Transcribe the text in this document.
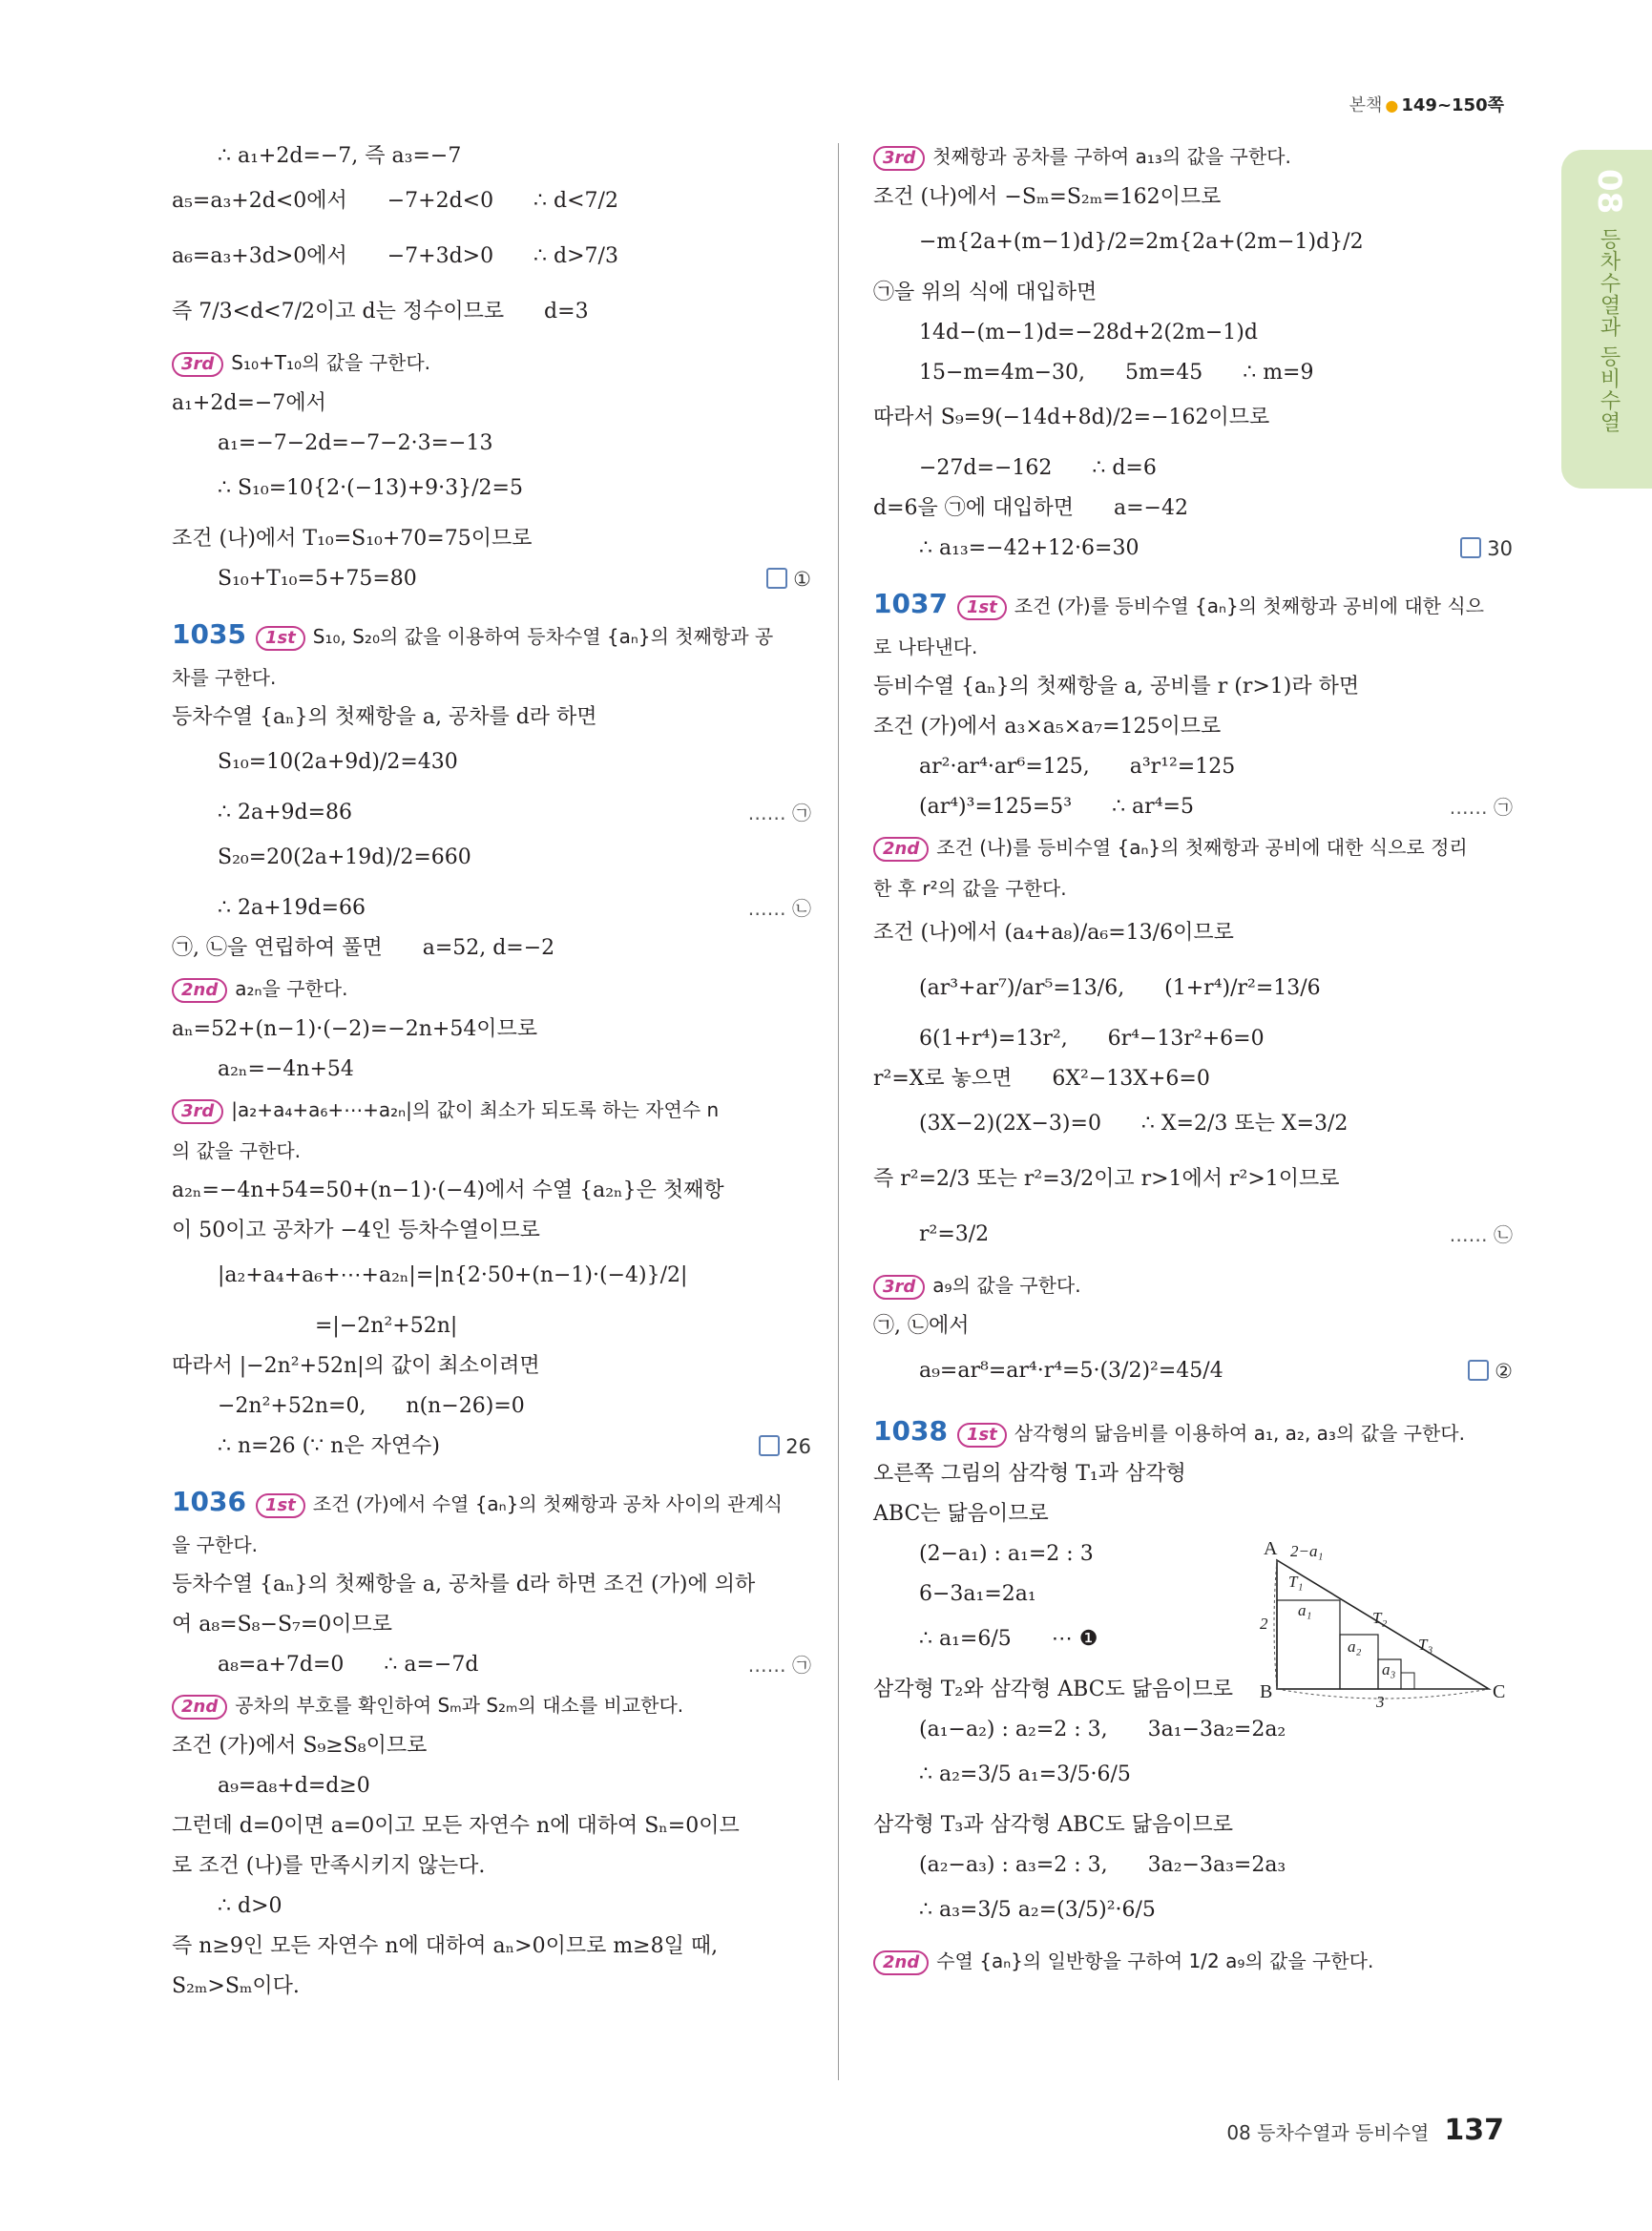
본책 ● 149~150쪽
08
등차수열과 등비수열
∴ a₁+2d=−7, 즉 a₃=−7
a₅=a₃+2d<0에서      −7+2d<0      ∴ d<7/2
a₆=a₃+3d>0에서      −7+3d>0      ∴ d>7/3
즉 7/3<d<7/2이고 d는 정수이므로      d=3
3rd S₁₀+T₁₀의 값을 구한다.
a₁+2d=−7에서
a₁=−7−2d=−7−2·3=−13
∴ S₁₀=10{2·(−13)+9·3}/2=5
조건 (나)에서 T₁₀=S₁₀+70=75이므로
①
S₁₀+T₁₀=5+75=80
1035 1st S₁₀, S₂₀의 값을 이용하여 등차수열 {aₙ}의 첫째항과 공
차를 구한다.
등차수열 {aₙ}의 첫째항을 a, 공차를 d라 하면
S₁₀=10(2a+9d)/2=430
…… ㉠
∴ 2a+9d=86
S₂₀=20(2a+19d)/2=660
…… ㉡
∴ 2a+19d=66
㉠, ㉡을 연립하여 풀면      a=52, d=−2
2nd a₂ₙ을 구한다.
aₙ=52+(n−1)·(−2)=−2n+54이므로
a₂ₙ=−4n+54
3rd |a₂+a₄+a₆+⋯+a₂ₙ|의 값이 최소가 되도록 하는 자연수 n
의 값을 구한다.
a₂ₙ=−4n+54=50+(n−1)·(−4)에서 수열 {a₂ₙ}은 첫째항
이 50이고 공차가 −4인 등차수열이므로
|a₂+a₄+a₆+⋯+a₂ₙ|=|n{2·50+(n−1)·(−4)}/2|
=|−2n²+52n|
따라서 |−2n²+52n|의 값이 최소이려면
−2n²+52n=0,      n(n−26)=0
26
∴ n=26 (∵ n은 자연수)
1036 1st 조건 (가)에서 수열 {aₙ}의 첫째항과 공차 사이의 관계식
을 구한다.
등차수열 {aₙ}의 첫째항을 a, 공차를 d라 하면 조건 (가)에 의하
여 a₈=S₈−S₇=0이므로
…… ㉠
a₈=a+7d=0      ∴ a=−7d
2nd 공차의 부호를 확인하여 Sₘ과 S₂ₘ의 대소를 비교한다.
조건 (가)에서 S₉≥S₈이므로
a₉=a₈+d=d≥0
그런데 d=0이면 a=0이고 모든 자연수 n에 대하여 Sₙ=0이므
로 조건 (나)를 만족시키지 않는다.
∴ d>0
즉 n≥9인 모든 자연수 n에 대하여 aₙ>0이므로 m≥8일 때,
S₂ₘ>Sₘ이다.
3rd 첫째항과 공차를 구하여 a₁₃의 값을 구한다.
조건 (나)에서 −Sₘ=S₂ₘ=162이므로
−m{2a+(m−1)d}/2=2m{2a+(2m−1)d}/2
㉠을 위의 식에 대입하면
14d−(m−1)d=−28d+2(2m−1)d
15−m=4m−30,      5m=45      ∴ m=9
따라서 S₉=9(−14d+8d)/2=−162이므로
−27d=−162      ∴ d=6
d=6을 ㉠에 대입하면      a=−42
30
∴ a₁₃=−42+12·6=30
1037 1st 조건 (가)를 등비수열 {aₙ}의 첫째항과 공비에 대한 식으
로 나타낸다.
등비수열 {aₙ}의 첫째항을 a, 공비를 r (r>1)라 하면
조건 (가)에서 a₃×a₅×a₇=125이므로
ar²·ar⁴·ar⁶=125,      a³r¹²=125
…… ㉠
(ar⁴)³=125=5³      ∴ ar⁴=5
2nd 조건 (나)를 등비수열 {aₙ}의 첫째항과 공비에 대한 식으로 정리
한 후 r²의 값을 구한다.
조건 (나)에서 (a₄+a₈)/a₆=13/6이므로
(ar³+ar⁷)/ar⁵=13/6,      (1+r⁴)/r²=13/6
6(1+r⁴)=13r²,      6r⁴−13r²+6=0
r²=X로 놓으면      6X²−13X+6=0
(3X−2)(2X−3)=0      ∴ X=2/3 또는 X=3/2
즉 r²=2/3 또는 r²=3/2이고 r>1에서 r²>1이므로
…… ㉡
r²=3/2
3rd a₉의 값을 구한다.
㉠, ㉡에서
②
a₉=ar⁸=ar⁴·r⁴=5·(3/2)²=45/4
1038 1st 삼각형의 닮음비를 이용하여 a₁, a₂, a₃의 값을 구한다.
오른쪽 그림의 삼각형 T₁과 삼각형
ABC는 닮음이므로
(2−a₁) : a₁=2 : 3
6−3a₁=2a₁
∴ a₁=6/5      ⋯ ❶
삼각형 T₂와 삼각형 ABC도 닮음이므로
(a₁−a₂) : a₂=2 : 3,      3a₁−3a₂=2a₂
∴ a₂=3/5 a₁=3/5·6/5
삼각형 T₃과 삼각형 ABC도 닮음이므로
(a₂−a₃) : a₃=2 : 3,      3a₂−3a₃=2a₃
∴ a₃=3/5 a₂=(3/5)²·6/5
2nd 수열 {aₙ}의 일반항을 구하여 1/2 a₉의 값을 구한다.
A
B	C
2−a₁
2
3
T₁
T₂
T₃
a₁
a₂
a₃
08 등차수열과 등비수열 137
